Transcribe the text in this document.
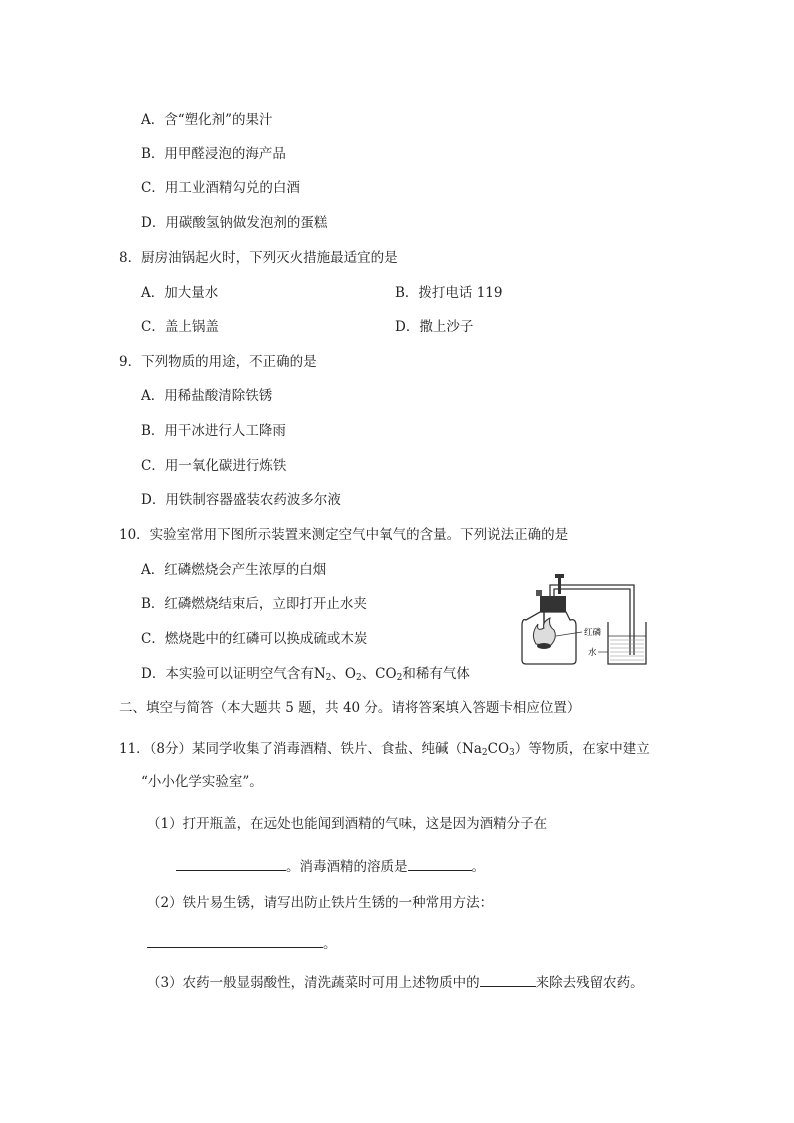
A．含“塑化剂”的果汁
B．用甲醛浸泡的海产品
C．用工业酒精勾兑的白酒
D．用碳酸氢钠做发泡剂的蛋糕
8．厨房油锅起火时，下列灭火措施最适宜的是
A．加大量水	B．拨打电话 119
C．盖上锅盖	D．撒上沙子
9．下列物质的用途，不正确的是
A．用稀盐酸清除铁锈
B．用干冰进行人工降雨
C．用一氧化碳进行炼铁
D．用铁制容器盛装农药波多尔液
10．实验室常用下图所示装置来测定空气中氧气的含量。下列说法正确的是
A．红磷燃烧会产生浓厚的白烟
B．红磷燃烧结束后，立即打开止水夹
C．燃烧匙中的红磷可以换成硫或木炭
D．本实验可以证明空气含有$N_2$、$O_2$、$CO_2$和稀有气体
红磷
水
二、填空与简答（本大题共 5 题，共 40 分。请将答案填入答题卡相应位置）
11．（8分）某同学收集了消毒酒精、铁片、食盐、纯碱$(Na_2CO_3)$等物质，在家中建立
“小小化学实验室”。
（1）打开瓶盖，在远处也能闻到酒精的气味，这是因为酒精分子在
。消毒酒精的溶质是	。
（2）铁片易生锈，请写出防止铁片生锈的一种常用方法：
。
（3）农药一般显弱酸性，清洗蔬菜时可用上述物质中的	来除去残留农药。
